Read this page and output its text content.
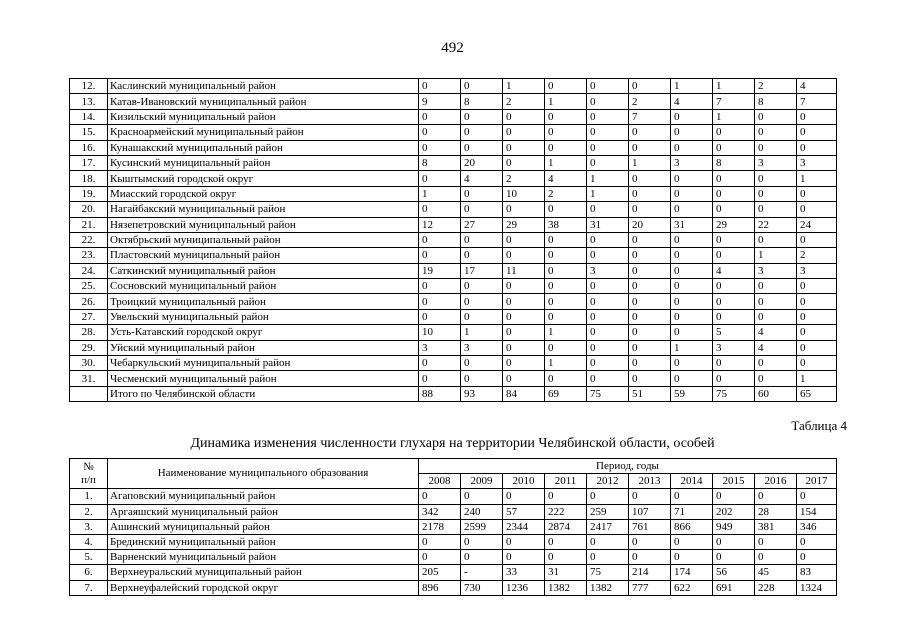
492
12.	Каслинский муниципальный район	0	0	1	0	0	0	1	1	2	4
13.	Катав-Ивановский муниципальный район	9	8	2	1	0	2	4	7	8	7
14.	Кизильский муниципальный район	0	0	0	0	0	7	0	1	0	0
15.	Красноармейский муниципальный район	0	0	0	0	0	0	0	0	0	0
16.	Кунашакский муниципальный район	0	0	0	0	0	0	0	0	0	0
17.	Кусинский муниципальный район	8	20	0	1	0	1	3	8	3	3
18.	Кыштымский городской округ	0	4	2	4	1	0	0	0	0	1
19.	Миасский городской округ	1	0	10	2	1	0	0	0	0	0
20.	Нагайбакский муниципальный район	0	0	0	0	0	0	0	0	0	0
21.	Нязепетровский муниципальный район	12	27	29	38	31	20	31	29	22	24
22.	Октябрьский муниципальный район	0	0	0	0	0	0	0	0	0	0
23.	Пластовский муниципальный район	0	0	0	0	0	0	0	0	1	2
24.	Саткинский муниципальный район	19	17	11	0	3	0	0	4	3	3
25.	Сосновский муниципальный район	0	0	0	0	0	0	0	0	0	0
26.	Троицкий муниципальный район	0	0	0	0	0	0	0	0	0	0
27.	Увельский муниципальный район	0	0	0	0	0	0	0	0	0	0
28.	Усть-Катавский городской округ	10	1	0	1	0	0	0	5	4	0
29.	Уйский муниципальный район	3	3	0	0	0	0	1	3	4	0
30.	Чебаркульский муниципальный район	0	0	0	1	0	0	0	0	0	0
31.	Чесменский муниципальный район	0	0	0	0	0	0	0	0	0	1
	Итого по Челябинской области	88	93	84	69	75	51	59	75	60	65
Таблица 4
Динамика изменения численности глухаря на территории Челябинской области, особей
№
п/п	Наименование муниципального образования	Период, годы									
		2008	2009	2010	2011	2012	2013	2014	2015	2016	2017
1.	Агаповский муниципальный район	0	0	0	0	0	0	0	0	0	0
2.	Аргаяшский муниципальный район	342	240	57	222	259	107	71	202	28	154
3.	Ашинский муниципальный район	2178	2599	2344	2874	2417	761	866	949	381	346
4.	Брединский муниципальный район	0	0	0	0	0	0	0	0	0	0
5.	Варненский муниципальный район	0	0	0	0	0	0	0	0	0	0
6.	Верхнеуральский муниципальный район	205	-	33	31	75	214	174	56	45	83
7.	Верхнеуфалейский городской округ	896	730	1236	1382	1382	777	622	691	228	1324
